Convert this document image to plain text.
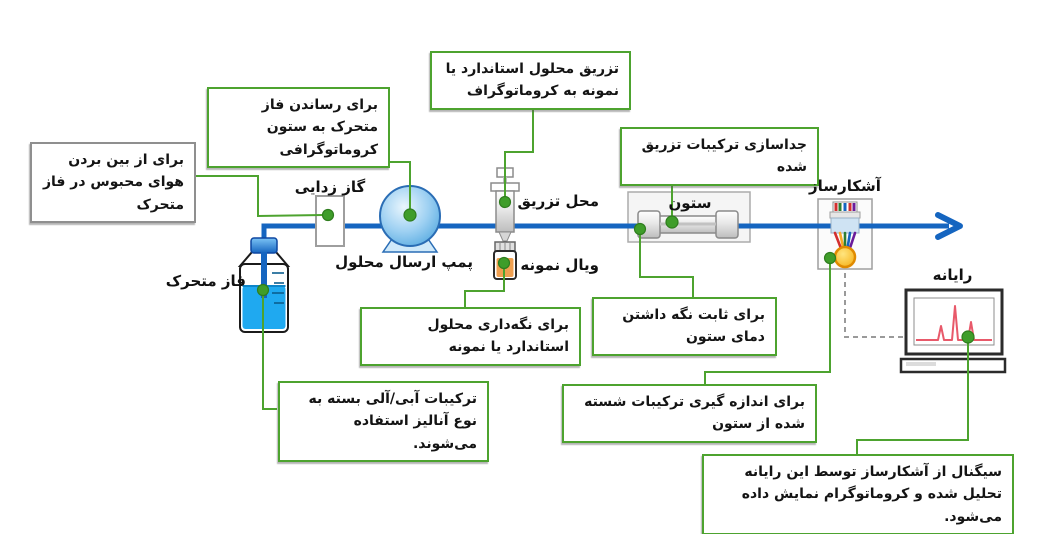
برای از بین بردن هوای محبوس در فاز متحرک
برای رساندن فاز متحرک به ستون کروماتوگرافی
تزریق محلول استاندارد یا نمونه به کروماتوگراف
جداسازی ترکیبات تزریق شده
برای نگه‌داری محلول استاندارد یا نمونه
برای ثابت نگه داشتن دمای ستون
ترکیبات آبی/آلی بسته به نوع آنالیز استفاده می‌شوند.
برای اندازه گیری ترکیبات شسته شده از ستون
سیگنال از آشکارساز توسط این رایانه تحلیل شده و کروماتوگرام نمایش داده می‌شود.
گاز زدایی
پمپ ارسال محلول
محل تزریق
ویال نمونه
ستون
آشکارساز
رایانه
فاز متحرک
